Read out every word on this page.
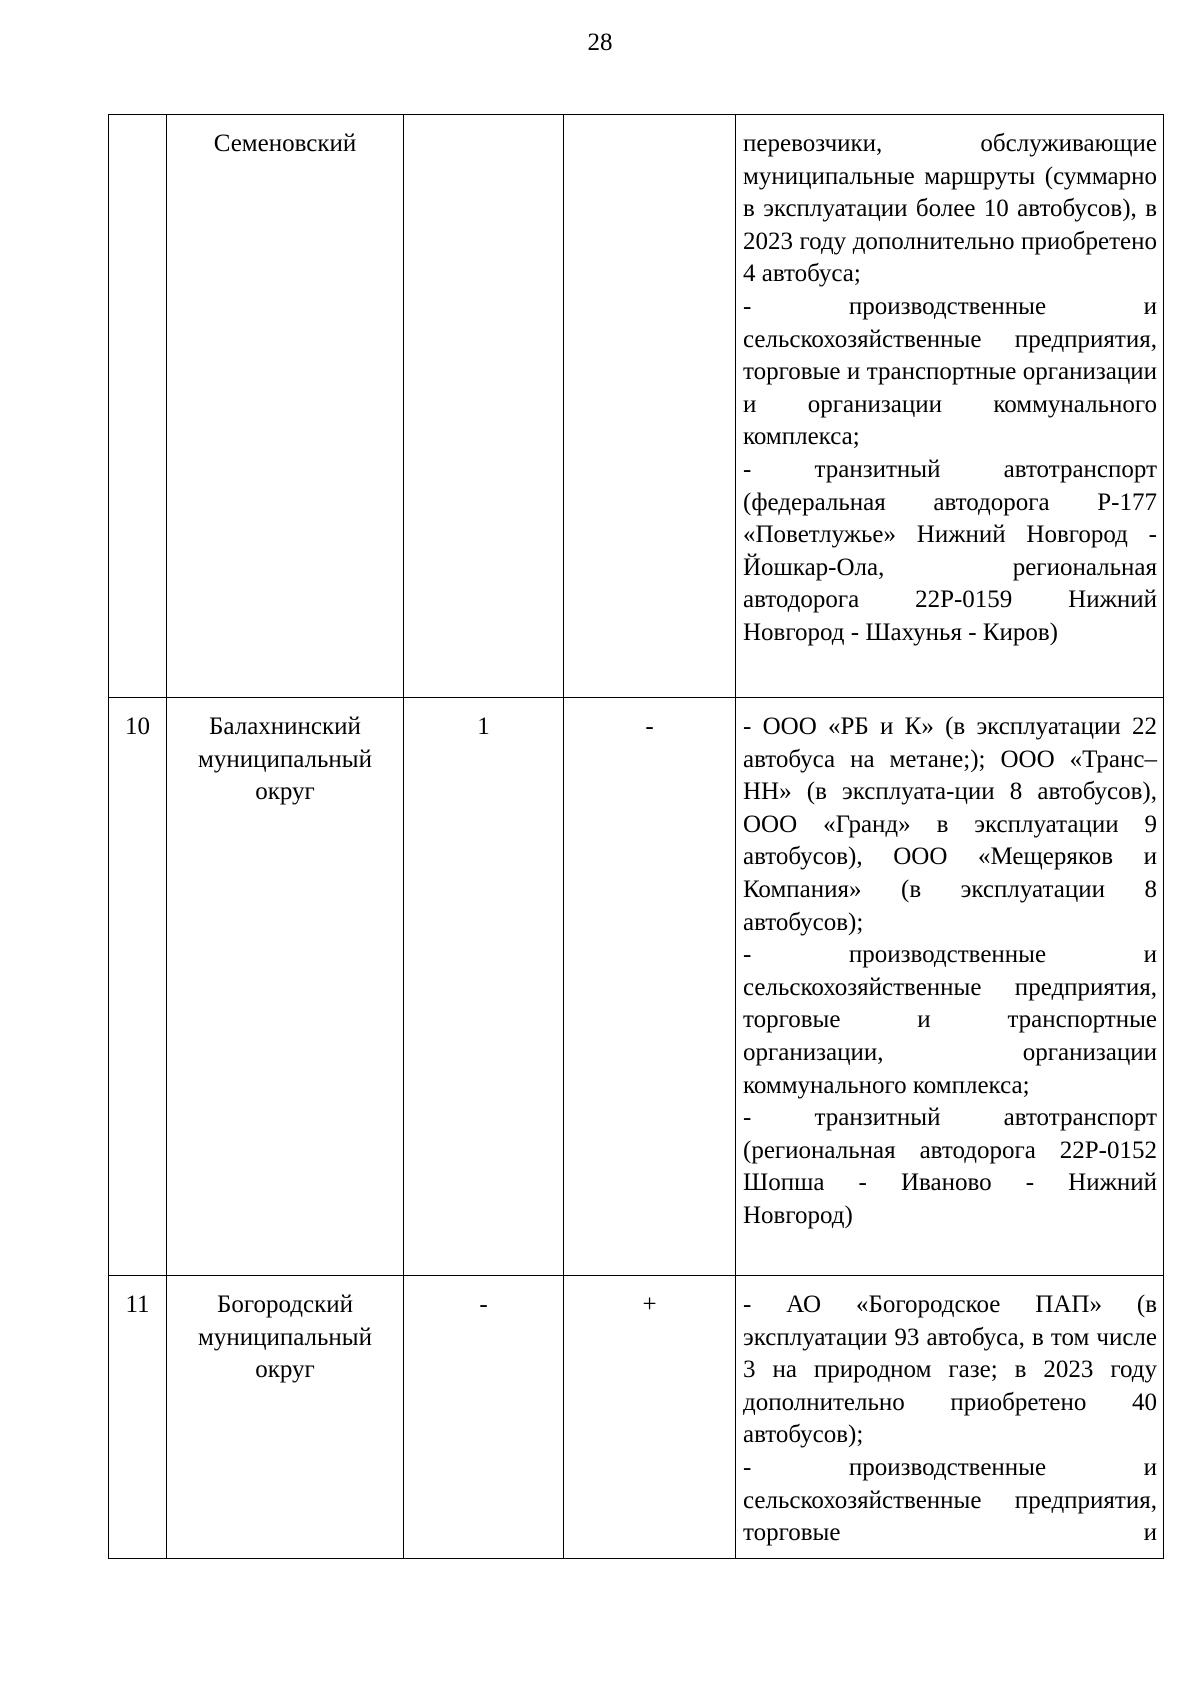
28
	Семеновский			перевозчики, обслуживающие муниципальные маршруты (суммарно в эксплуатации более 10 автобусов), в 2023 году дополнительно приобретено 4 автобуса;
- производственные и сельскохозяйственные предприятия, торговые и транспортные организации и организации коммунального комплекса;
- транзитный автотранспорт (федеральная автодорога Р-177 «Поветлужье» Нижний Новгород - Йошкар-Ола, региональная автодорога 22Р-0159 Нижний Новгород - Шахунья - Киров)

10	Балахнинский муниципальный округ	1	-	- ООО «РБ и К» (в эксплуатации 22 автобуса на метане;); ООО «Транс–НН» (в эксплуата-ции 8 автобусов), ООО «Гранд» в эксплуатации 9 автобусов), ООО «Мещеряков и Компания» (в эксплуатации 8 автобусов);
- производственные и сельскохозяйственные предприятия, торговые и транспортные организации, организации коммунального комплекса;
- транзитный автотранспорт (региональная автодорога 22Р-0152 Шопша - Иваново - Нижний Новгород)

11	Богородский муниципальный округ	-	+	- АО «Богородское ПАП» (в эксплуатации 93 автобуса, в том числе 3 на природном газе; в 2023 году дополнительно приобретено 40 автобусов);
- производственные и сельскохозяйственные предприятия, торговые и
